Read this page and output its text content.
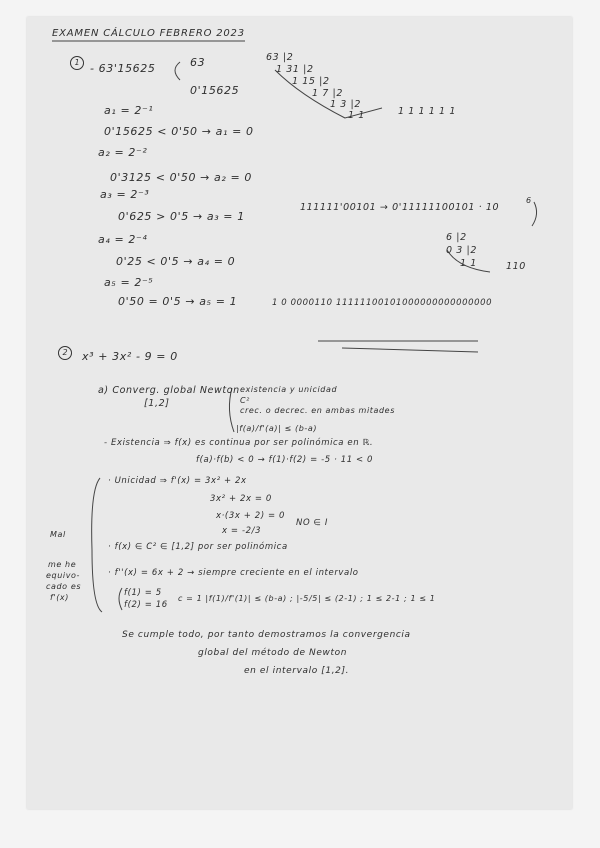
EXAMEN CÁLCULO FEBRERO 2023
1 - 63'15625	63
0'15625
a₁ = 2⁻¹
0'15625 < 0'50 → a₁ = 0
a₂ = 2⁻²
0'3125 < 0'50 → a₂ = 0
a₃ = 2⁻³
0'625 > 0'5 → a₃ = 1
a₄ = 2⁻⁴
0'25 < 0'5 → a₄ = 0
a₅ = 2⁻⁵
0'50 = 0'5 → a₅ = 1
63 |2
1 31 |2
1 15 |2
1 7 |2
1 3 |2
1 1	1 1 1 1 1 1
111111'00101 → 0'11111100101 · 10
6
6 |2
0 3 |2
1 1	110
1 0 0000110 11111100101000000000000000
2	x³ + 3x² - 9 = 0
a) Converg. global Newton
[1,2]
existencia y unicidad
C²
crec. o decrec. en ambas mitades
|f(a)/f'(a)| ≤ (b-a)
- Existencia ⇒ f(x) es continua por ser polinómica en ℝ.
f(a)·f(b) < 0 → f(1)·f(2) = -5 · 11 < 0
· Unicidad ⇒ f'(x) = 3x² + 2x
3x² + 2x = 0
x·(3x + 2) = 0
x = -2/3
NO ∈ I
· f(x) ∈ C² ∈ [1,2] por ser polinómica
· f''(x) = 6x + 2 → siempre creciente en el intervalo
f(1) = 5
f(2) = 16
c = 1 |f(1)/f'(1)| ≤ (b-a) ; |-5/5| ≤ (2-1) ; 1 ≤ 2-1 ; 1 ≤ 1
Mal
me he
equivo-
cado es
f'(x)
Se cumple todo, por tanto demostramos la convergencia
global del método de Newton
en el intervalo [1,2].
